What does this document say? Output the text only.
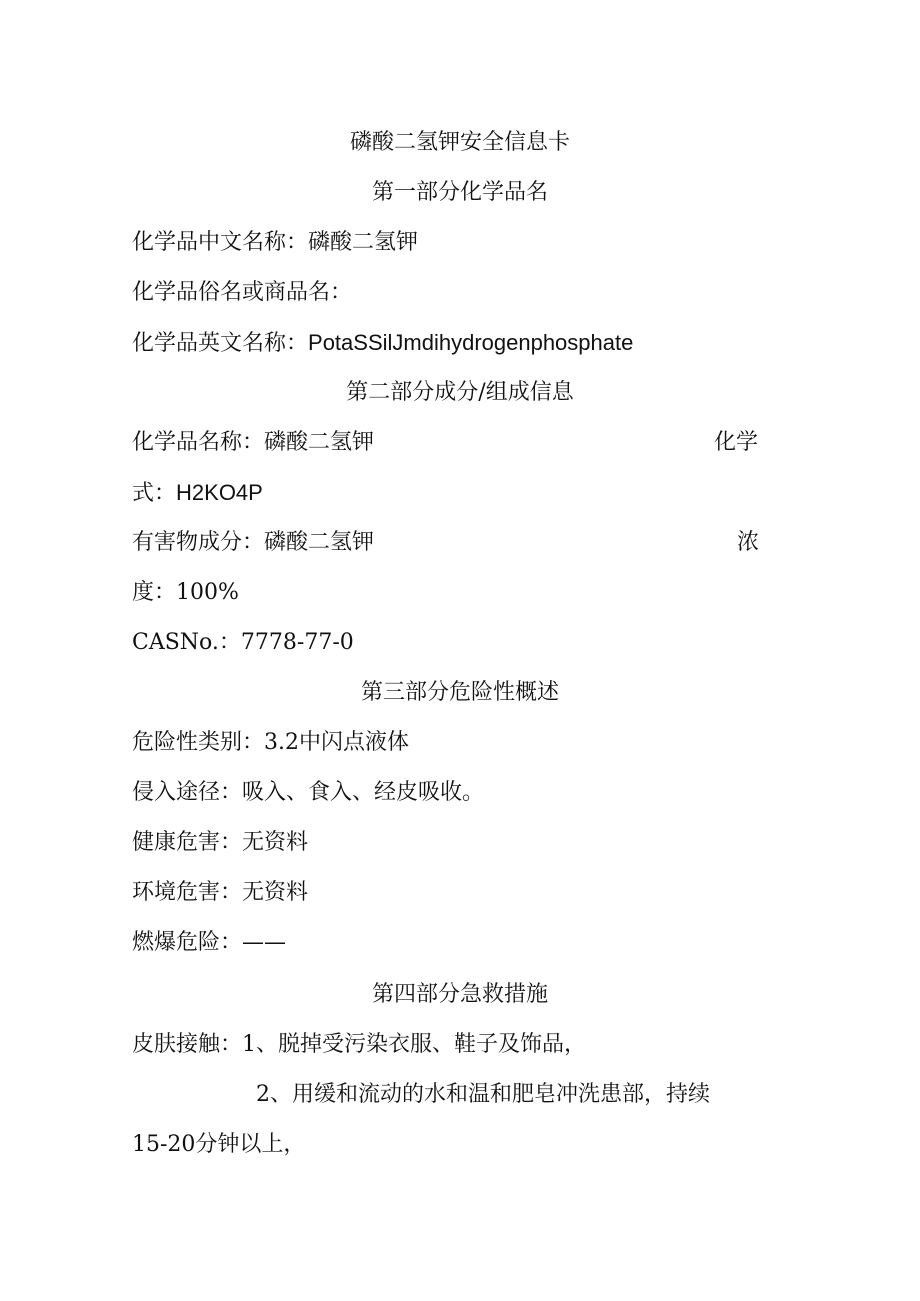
磷酸二氢钾安全信息卡
第一部分化学品名
化学品中文名称：磷酸二氢钾
化学品俗名或商品名：
化学品英文名称：PotaSSilJmdihydrogenphosphate
第二部分成分/组成信息
化学品名称：磷酸二氢钾	化学
式：H2KO4P
有害物成分：磷酸二氢钾	浓
度：100%
CASNo.：7778-77-0
第三部分危险性概述
危险性类别：3.2中闪点液体
侵入途径：吸入、食入、经皮吸收。
健康危害：无资料
环境危害：无资料
燃爆危险：——
第四部分急救措施
皮肤接触：1、脱掉受污染衣服、鞋子及饰品，
2、用缓和流动的水和温和肥皂冲洗患部，持续
15-20分钟以上，
